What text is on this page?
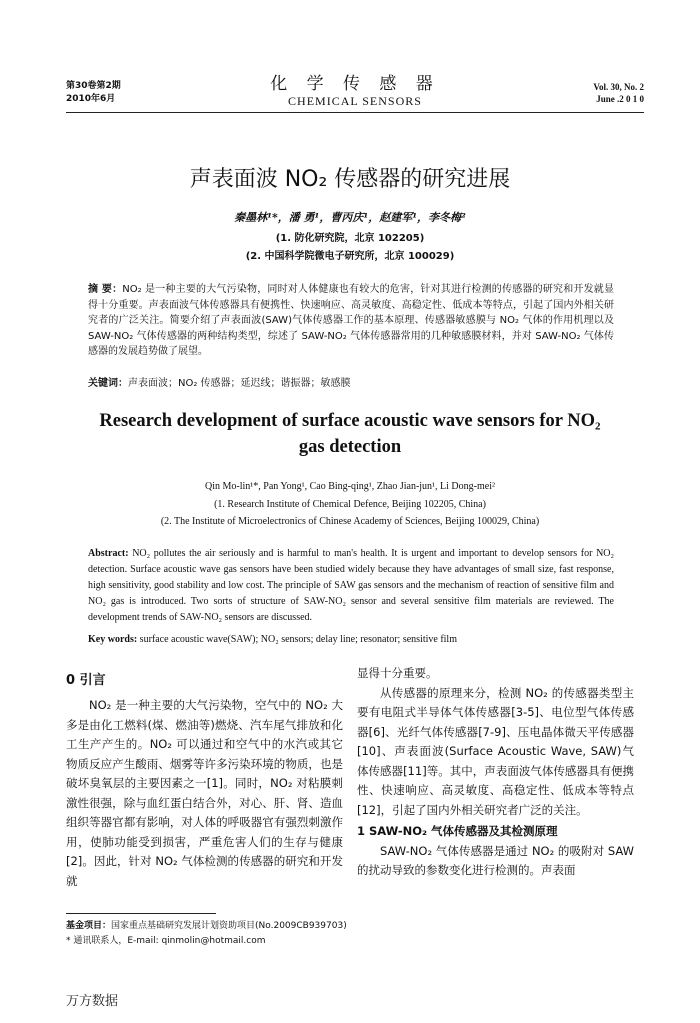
第30卷第2期
2010年6月
化 学 传 感 器
CHEMICAL SENSORS
Vol. 30, No. 2
June .2 0 1 0
声表面波 NO₂ 传感器的研究进展
秦墨林¹*，潘 勇¹，曹丙庆¹，赵建军¹，李冬梅²
(1. 防化研究院，北京 102205)
(2. 中国科学院微电子研究所，北京 100029)
摘 要：NO₂ 是一种主要的大气污染物，同时对人体健康也有较大的危害，针对其进行检测的传感器的研究和开发就显得十分重要。声表面波气体传感器具有便携性、快速响应、高灵敏度、高稳定性、低成本等特点，引起了国内外相关研究者的广泛关注。简要介绍了声表面波(SAW)气体传感器工作的基本原理、传感器敏感膜与 NO₂ 气体的作用机理以及 SAW-NO₂ 气体传感器的两种结构类型，综述了 SAW-NO₂ 气体传感器常用的几种敏感膜材料，并对 SAW-NO₂ 气体传感器的发展趋势做了展望。
关键词：声表面波；NO₂ 传感器；延迟线；谐振器；敏感膜
Research development of surface acoustic wave sensors for NO₂ gas detection
Qin Mo-lin¹*, Pan Yong¹, Cao Bing-qing¹, Zhao Jian-jun¹, Li Dong-mei²
(1. Research Institute of Chemical Defence, Beijing 102205, China)
(2. The Institute of Microelectronics of Chinese Academy of Sciences, Beijing 100029, China)
Abstract: NO₂ pollutes the air seriously and is harmful to man's health. It is urgent and important to develop sensors for NO₂ detection. Surface acoustic wave gas sensors have been studied widely because they have advantages of small size, fast response, high sensitivity, good stability and low cost. The principle of SAW gas sensors and the mechanism of reaction of sensitive film and NO₂ gas is introduced. Two sorts of structure of SAW-NO₂ sensor and several sensitive film materials are reviewed. The development trends of SAW-NO₂ sensors are discussed.
Key words: surface acoustic wave(SAW); NO₂ sensors; delay line; resonator; sensitive film
0 引言

NO₂ 是一种主要的大气污染物，空气中的 NO₂ 大多是由化工燃料(煤、燃油等)燃烧、汽车尾气排放和化工生产产生的。NO₂ 可以通过和空气中的水汽或其它物质反应产生酸雨、烟雾等许多污染环境的物质，也是破坏臭氧层的主要因素之一[1]。同时，NO₂ 对粘膜刺激性很强，除与血红蛋白结合外，对心、肝、肾、造血组织等器官都有影响，对人体的呼吸器官有强烈刺激作用，使肺功能受到损害，严重危害人们的生存与健康[2]。因此，针对 NO₂ 气体检测的传感器的研究和开发就

显得十分重要。

从传感器的原理来分，检测 NO₂ 的传感器类型主要有电阻式半导体气体传感器[3-5]、电位型气体传感器[6]、光纤气体传感器[7-9]、压电晶体微天平传感器[10]、声表面波(Surface Acoustic Wave, SAW)气体传感器[11]等。其中，声表面波气体传感器具有便携性、快速响应、高灵敏度、高稳定性、低成本等特点[12]，引起了国内外相关研究者广泛的关注。

1 SAW-NO₂ 气体传感器及其检测原理

SAW-NO₂ 气体传感器是通过 NO₂ 的吸附对 SAW 的扰动导致的参数变化进行检测的。声表面

基金项目：国家重点基础研究发展计划资助项目(No.2009CB939703)
* 通讯联系人，E-mail: qinmolin@hotmail.com
万方数据
